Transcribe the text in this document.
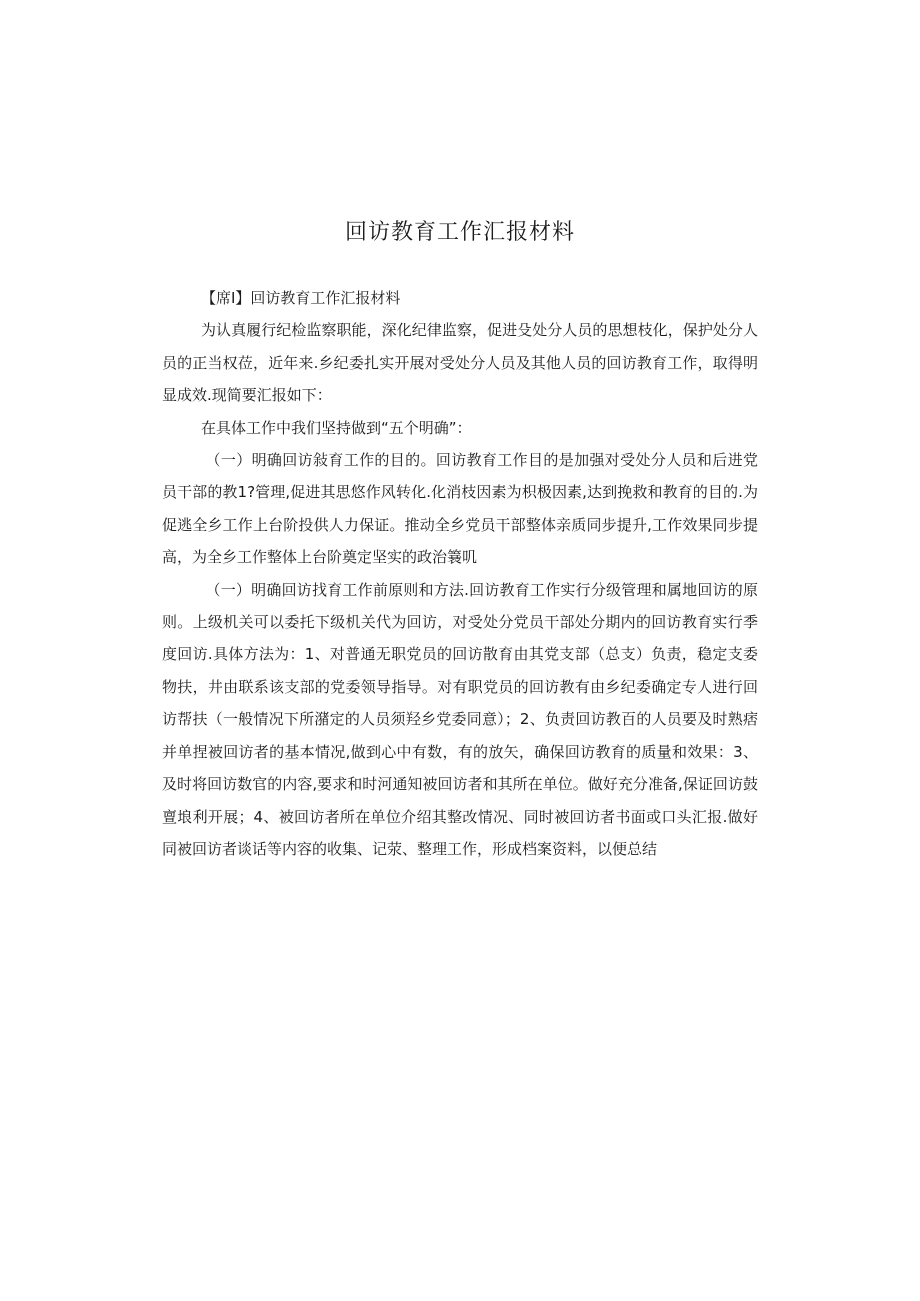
回访教育工作汇报材料

【席I】回访教育工作汇报材料

为认真履行纪检监察职能，深化纪律监察，促进殳处分人员的思想枝化，保护处分人员的正当权莅，近年来.乡纪委扎实开展对受处分人员及其他人员的回访教育工作，取得明显成效.现简要汇报如下：

在具体工作中我们坚持做到“五个明确”：

（一）明确回访敍育工作的目的。回访教育工作目的是加强对受处分人员和后进党员干部的教1?管理,促进其思悠作风转化.化消枝因素为枳极因素,达到挽救和教育的目的.为促逃全乡工作上台阶投供人力保证。推动全乡党员干部整体亲质同步提升,工作效果同步提高，为全乡工作整体上台阶奠定坚实的政治簔叽

（一）明确回访找育工作前原则和方法.回访教育工作实行分级管理和属地回访的原则。上级机关可以委托下级机关代为回访，对受处分党员干部处分期内的回访教育实行季度回访.具体方法为：1、对普通无职党员的回访散育由其党支部（总支）负责，稳定支委物扶，井由联系该支部的党委领导指导。对有职党员的回访教有由乡纪委确定专人进行回访帮扶（一般情况下所潴定的人员须羟乡党委同意）；2、负责回访教百的人员要及时熟痞并单捏被回访者的基本情况,做到心中有数，有的放矢，确保回访教育的质量和效果：3、及时将回访数官的内容,要求和时河通知被回访者和其所在单位。做好充分准备,保证回访鼓亶埌利开展；4、被回访者所在单位介绍其整改情况、同时被回访者书面或口头汇报.做好同被回访者谈话等内容的收集、记荥、整理工作，形成档案资料，以便总结
